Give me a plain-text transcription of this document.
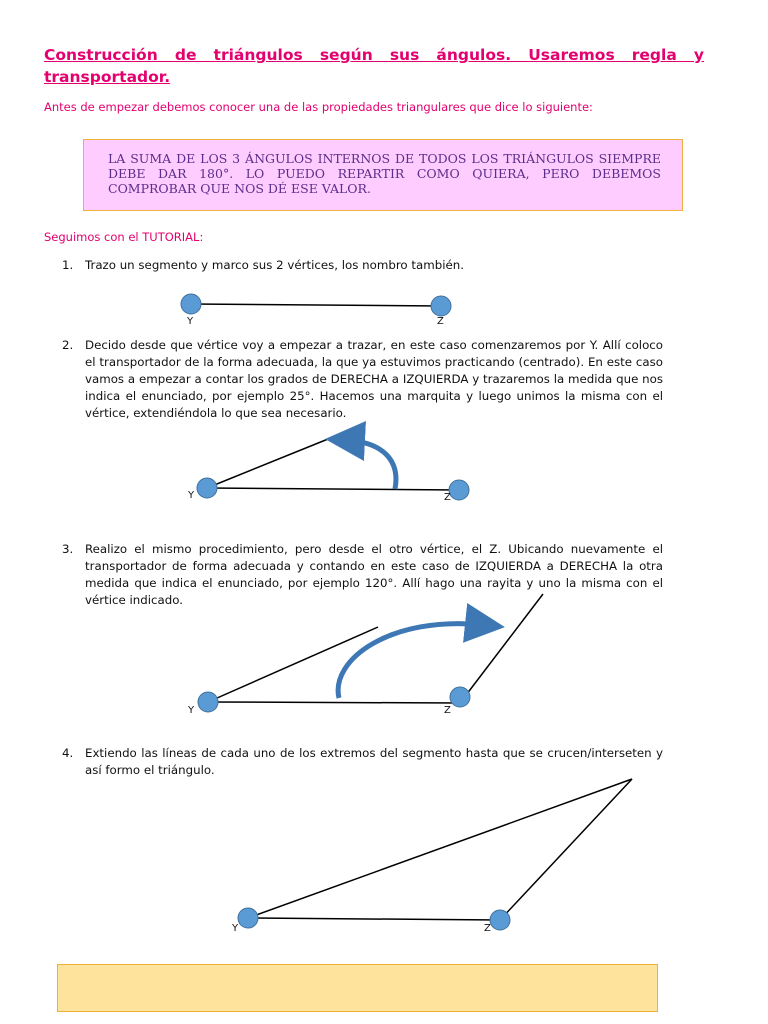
Construcción de triángulos según sus ángulos. Usaremos regla y transportador.
Antes de empezar debemos conocer una de las propiedades triangulares que dice lo siguiente:
LA SUMA DE LOS 3 ÁNGULOS INTERNOS DE TODOS LOS TRIÁNGULOS SIEMPRE DEBE DAR 180°. LO PUEDO REPARTIR COMO QUIERA, PERO DEBEMOS COMPROBAR QUE NOS DÉ ESE VALOR.
Seguimos con el TUTORIAL:
1. Trazo un segmento y marco sus 2 vértices, los nombro también.
2. Decido desde que vértice voy a empezar a trazar, en este caso comenzaremos por Y. Allí coloco el transportador de la forma adecuada, la que ya estuvimos practicando (centrado). En este caso vamos a empezar a contar los grados de DERECHA a IZQUIERDA y trazaremos la medida que nos indica el enunciado, por ejemplo 25°. Hacemos una marquita y luego unimos la misma con el vértice, extendiéndola lo que sea necesario.
3. Realizo el mismo procedimiento, pero desde el otro vértice, el Z. Ubicando nuevamente el transportador de forma adecuada y contando en este caso de IZQUIERDA a DERECHA la otra medida que indica el enunciado, por ejemplo 120°. Allí hago una rayita y uno la misma con el vértice indicado.
4. Extiendo las líneas de cada uno de los extremos del segmento hasta que se crucen/interseten y así formo el triángulo.
Y	Z
Y	Z
Y	Z
Y	Z
